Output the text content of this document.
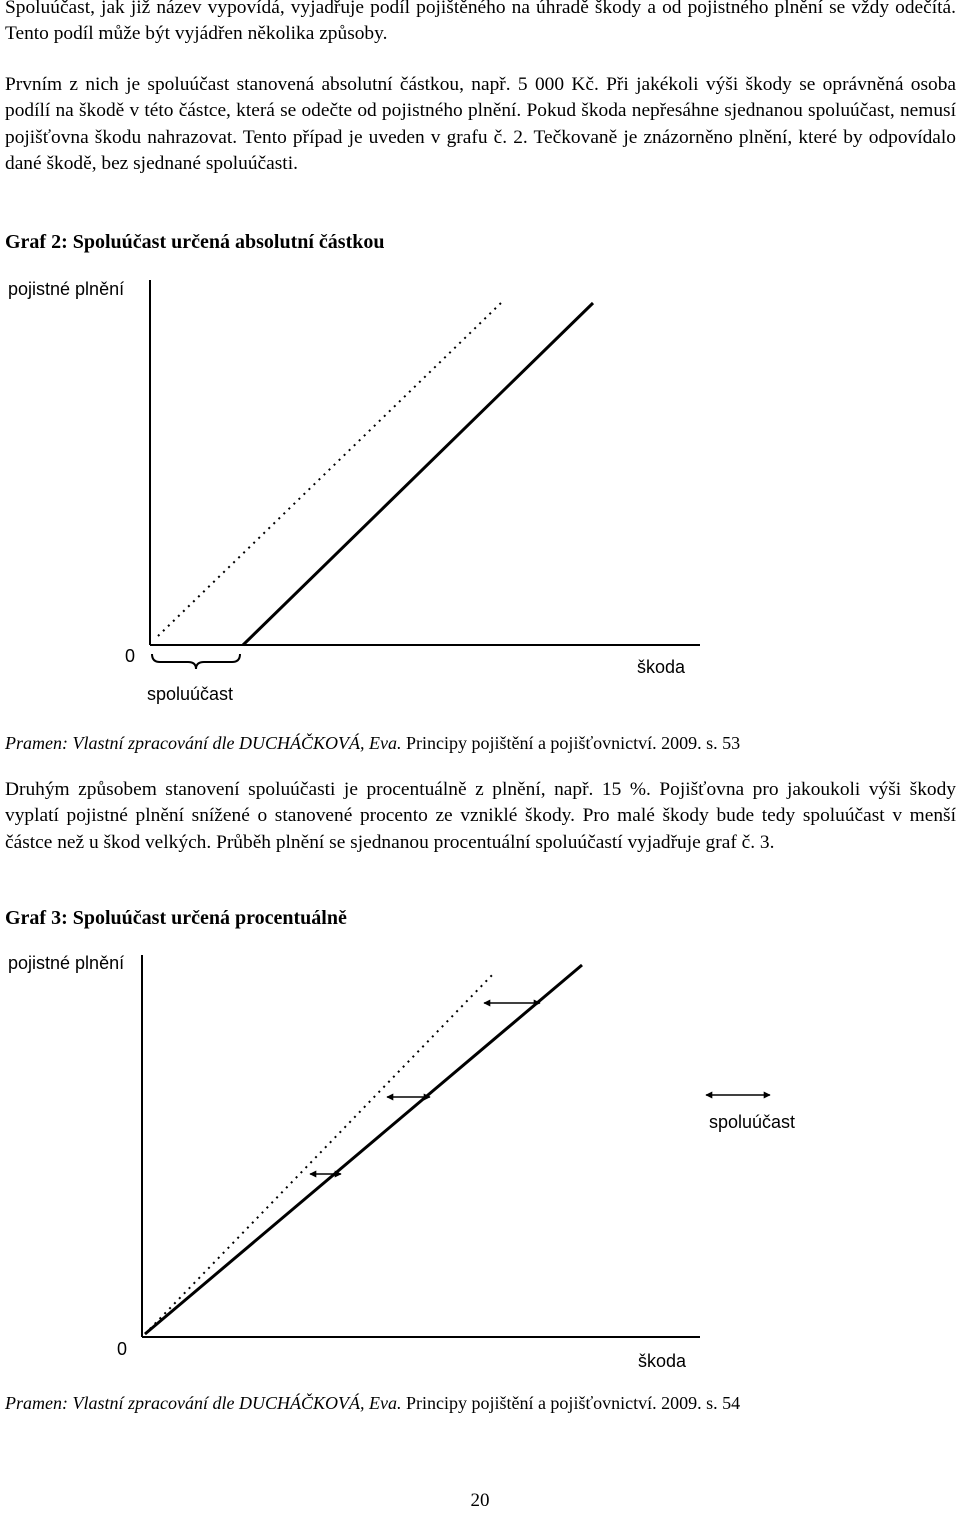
Spoluúčast, jak již název vypovídá, vyjadřuje podíl pojištěného na úhradě škody a od pojistného plnění se vždy odečítá. Tento podíl může být vyjádřen několika způsoby.

Prvním z nich je spoluúčast stanovená absolutní částkou, např. 5 000 Kč. Při jakékoli výši škody se oprávněná osoba podílí na škodě v této částce, která se odečte od pojistného plnění. Pokud škoda nepřesáhne sjednanou spoluúčast, nemusí pojišťovna škodu nahrazovat. Tento případ je uveden v grafu č. 2. Tečkovaně je znázorněno plnění, které by odpovídalo dané škodě, bez sjednané spoluúčasti.

Graf 2: Spoluúčast určená absolutní částkou

pojistné plnění
0
škoda
spoluúčast

Pramen: Vlastní zpracování dle DUCHÁČKOVÁ, Eva. Principy pojištění a pojišťovnictví. 2009. s. 53

Druhým způsobem stanovení spoluúčasti je procentuálně z plnění, např. 15 %. Pojišťovna pro jakoukoli výši škody vyplatí pojistné plnění snížené o stanovené procento ze vzniklé škody. Pro malé škody bude tedy spoluúčast v menší částce než u škod velkých. Průběh plnění se sjednanou procentuální spoluúčastí vyjadřuje graf č. 3.

Graf 3: Spoluúčast určená procentuálně

pojistné plnění
0
škoda
spoluúčast

Pramen: Vlastní zpracování dle DUCHÁČKOVÁ, Eva. Principy pojištění a pojišťovnictví. 2009. s. 54

20
